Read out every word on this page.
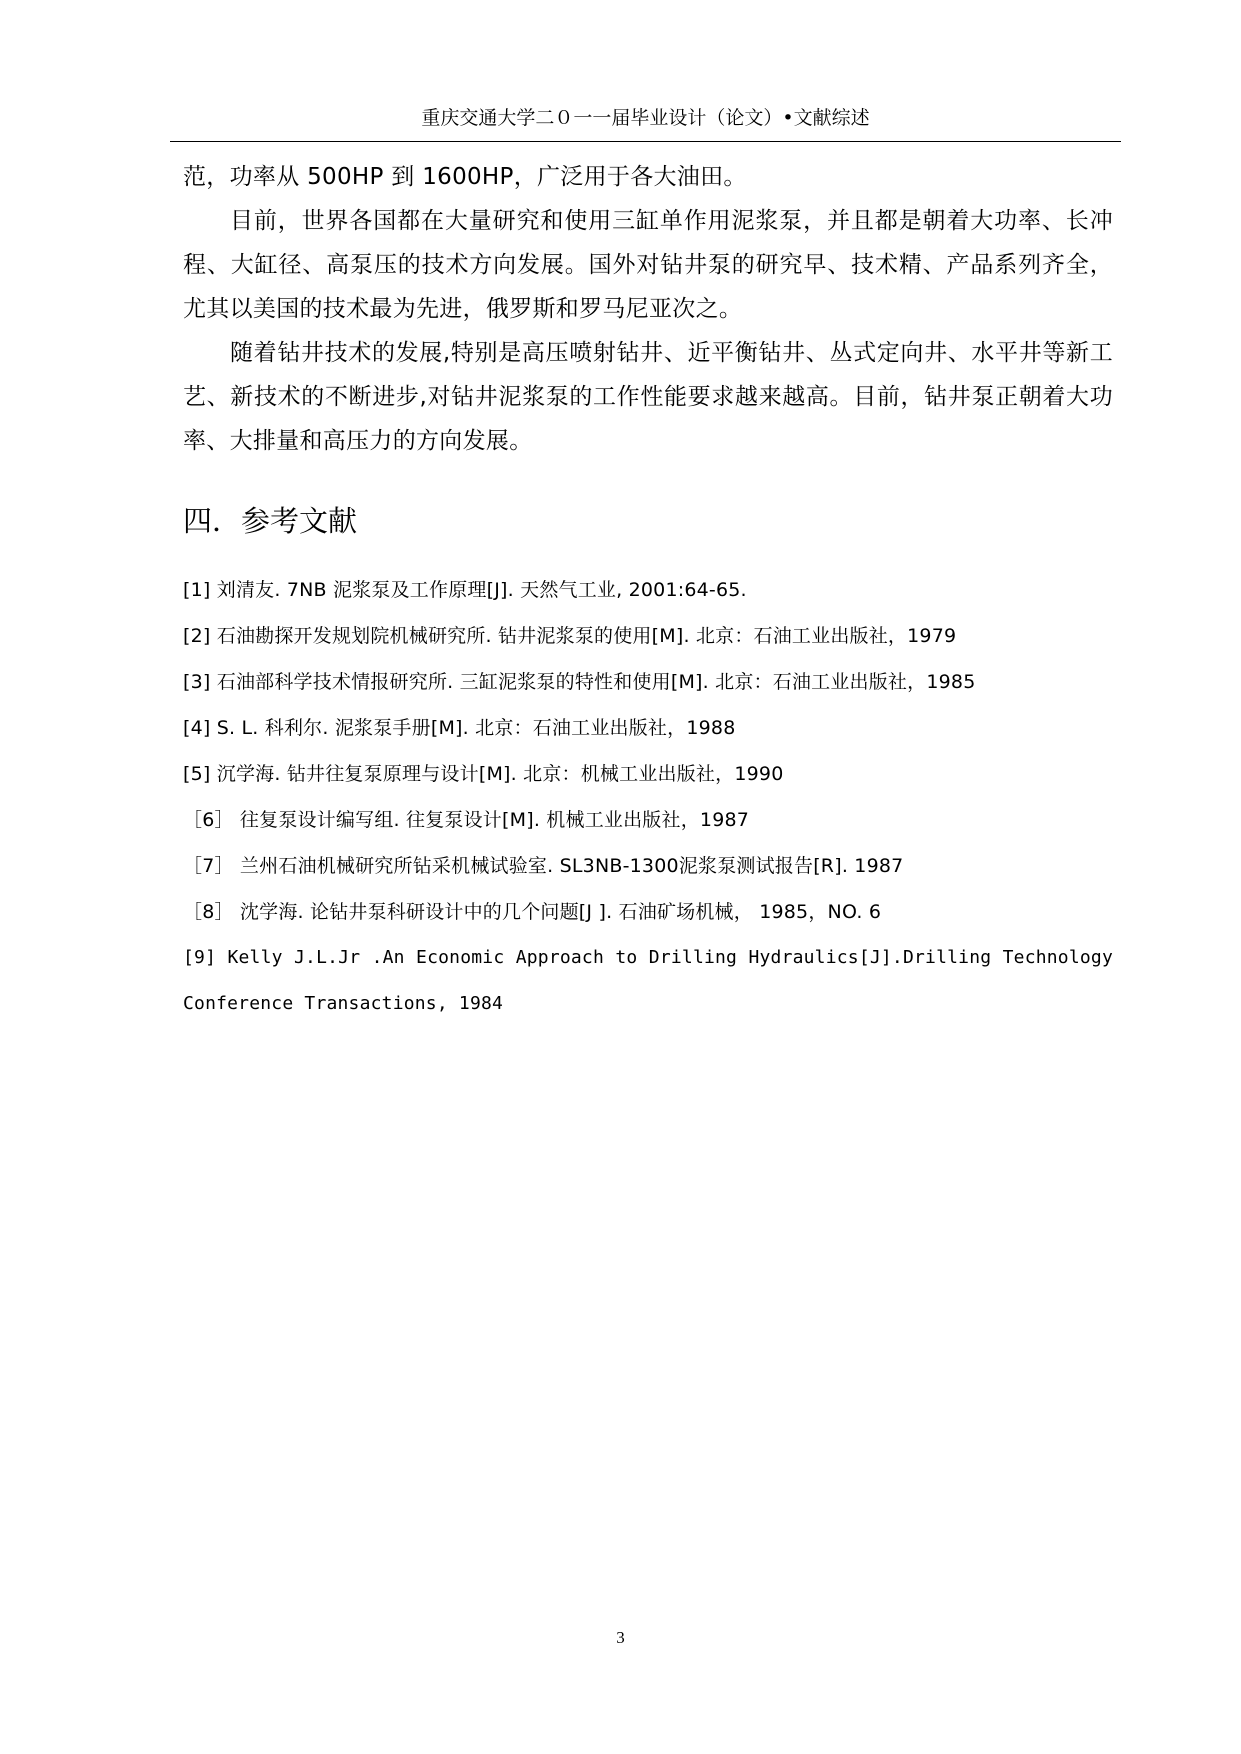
重庆交通大学二０一一届毕业设计（论文）•文献综述

范，功率从 500HP 到 1600HP，广泛用于各大油田。

目前，世界各国都在大量研究和使用三缸单作用泥浆泵，并且都是朝着大功率、长冲程、大缸径、高泵压的技术方向发展。国外对钻井泵的研究早、技术精、产品系列齐全，尤其以美国的技术最为先进，俄罗斯和罗马尼亚次之。

随着钻井技术的发展,特别是高压喷射钻井、近平衡钻井、丛式定向井、水平井等新工艺、新技术的不断进步,对钻井泥浆泵的工作性能要求越来越高。目前，钻井泵正朝着大功率、大排量和高压力的方向发展。

四．参考文献

[1] 刘清友. 7NB 泥浆泵及工作原理[J]. 天然气工业, 2001:64-65.

[2] 石油勘探开发规划院机械研究所. 钻井泥浆泵的使用[M]. 北京：石油工业出版社，1979

[3] 石油部科学技术情报研究所. 三缸泥浆泵的特性和使用[M]. 北京：石油工业出版社，1985

[4] S. L. 科利尔. 泥浆泵手册[M]. 北京：石油工业出版社，1988

[5] 沉学海. 钻井往复泵原理与设计[M]. 北京：机械工业出版社，1990

［6］ 往复泵设计编写组. 往复泵设计[M]. 机械工业出版社，1987

［7］ 兰州石油机械研究所钻采机械试验室. SL3NB-1300泥浆泵测试报告[R]. 1987

［8］ 沈学海. 论钻井泵科研设计中的几个问题[J ]. 石油矿场机械， 1985，NO. 6

[9] Kelly J.L.Jr .An Economic Approach to Drilling Hydraulics[J].Drilling Technology Conference Transactions, 1984

3
